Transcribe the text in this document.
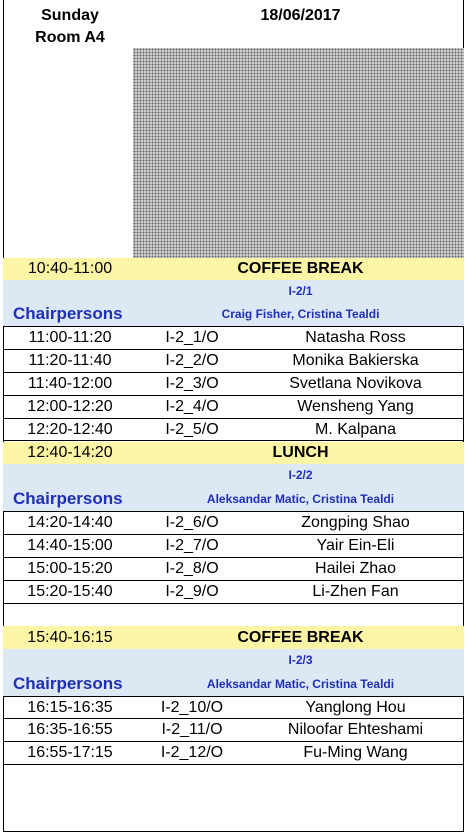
Sunday
Room A4
18/06/2017
10:40-11:00	COFFEE BREAK
I-2/1
Chairpersons	Craig Fisher, Cristina Tealdi
11:00-11:20	I-2_1/O	Natasha Ross
11:20-11:40	I-2_2/O	Monika Bakierska
11:40-12:00	I-2_3/O	Svetlana Novikova
12:00-12:20	I-2_4/O	Wensheng Yang
12:20-12:40	I-2_5/O	M. Kalpana
12:40-14:20	LUNCH
I-2/2
Chairpersons	Aleksandar Matic, Cristina Tealdi
14:20-14:40	I-2_6/O	Zongping Shao
14:40-15:00	I-2_7/O	Yair Ein-Eli
15:00-15:20	I-2_8/O	Hailei Zhao
15:20-15:40	I-2_9/O	Li-Zhen Fan
15:40-16:15	COFFEE BREAK
I-2/3
Chairpersons	Aleksandar Matic, Cristina Tealdi
16:15-16:35	I-2_10/O	Yanglong Hou
16:35-16:55	I-2_11/O	Niloofar Ehteshami
16:55-17:15	I-2_12/O	Fu-Ming Wang
